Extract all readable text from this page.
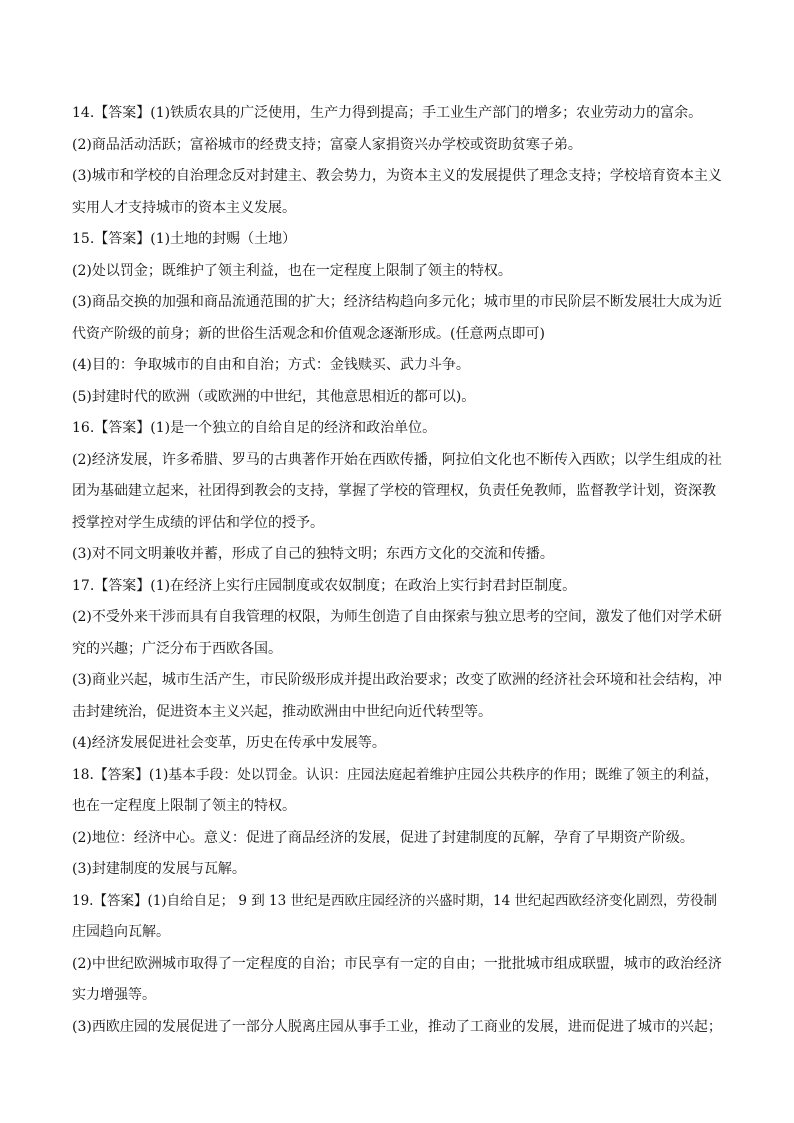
14.【答案】(1)铁质农具的广泛使用，生产力得到提高；手工业生产部门的增多；农业劳动力的富余。
(2)商品活动活跃；富裕城市的经费支持；富豪人家捐资兴办学校或资助贫寒子弟。
(3)城市和学校的自治理念反对封建主、教会势力，为资本主义的发展提供了理念支持；学校培育资本主义
实用人才支持城市的资本主义发展。
15.【答案】(1)土地的封赐（土地）
(2)处以罚金；既维护了领主利益，也在一定程度上限制了领主的特权。
(3)商品交换的加强和商品流通范围的扩大；经济结构趋向多元化；城市里的市民阶层不断发展壮大成为近
代资产阶级的前身；新的世俗生活观念和价值观念逐渐形成。(任意两点即可)
(4)目的：争取城市的自由和自治；方式：金钱赎买、武力斗争。
(5)封建时代的欧洲（或欧洲的中世纪，其他意思相近的都可以)。
16.【答案】(1)是一个独立的自给自足的经济和政治单位。
(2)经济发展，许多希腊、罗马的古典著作开始在西欧传播，阿拉伯文化也不断传入西欧；以学生组成的社
团为基础建立起来，社团得到教会的支持，掌握了学校的管理权，负责任免教师，监督教学计划，资深教
授掌控对学生成绩的评估和学位的授予。
(3)对不同文明兼收并蓄，形成了自己的独特文明；东西方文化的交流和传播。
17.【答案】(1)在经济上实行庄园制度或农奴制度；在政治上实行封君封臣制度。
(2)不受外来干涉而具有自我管理的权限，为师生创造了自由探索与独立思考的空间，激发了他们对学术研
究的兴趣；广泛分布于西欧各国。
(3)商业兴起，城市生活产生，市民阶级形成并提出政治要求；改变了欧洲的经济社会环境和社会结构，冲
击封建统治，促进资本主义兴起，推动欧洲由中世纪向近代转型等。
(4)经济发展促进社会变革，历史在传承中发展等。
18.【答案】(1)基本手段：处以罚金。认识：庄园法庭起着维护庄园公共秩序的作用；既维了领主的利益，
也在一定程度上限制了领主的特权。
(2)地位：经济中心。意义：促进了商品经济的发展，促进了封建制度的瓦解，孕育了早期资产阶级。
(3)封建制度的发展与瓦解。
19.【答案】(1)自给自足； 9 到 13 世纪是西欧庄园经济的兴盛时期，14 世纪起西欧经济变化剧烈，劳役制
庄园趋向瓦解。
(2)中世纪欧洲城市取得了一定程度的自治；市民享有一定的自由；一批批城市组成联盟，城市的政治经济
实力增强等。
(3)西欧庄园的发展促进了一部分人脱离庄园从事手工业，推动了工商业的发展，进而促进了城市的兴起；
